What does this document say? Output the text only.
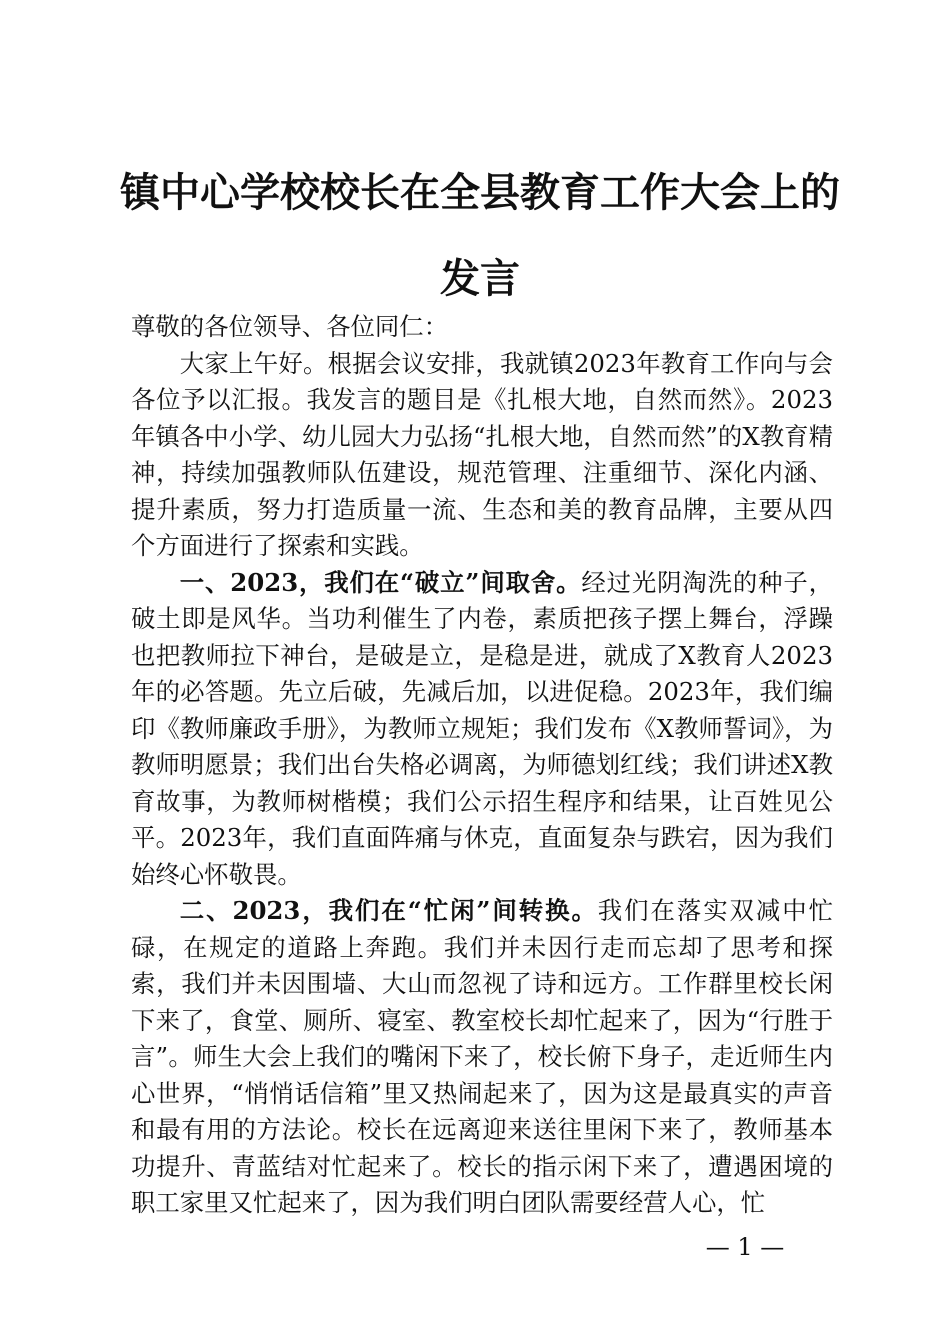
镇中心学校校长在全县教育工作大会上的发言

尊敬的各位领导、各位同仁：

大家上午好。根据会议安排，我就镇2023年教育工作向与会各位予以汇报。我发言的题目是《扎根大地，自然而然》。2023年镇各中小学、幼儿园大力弘扬“扎根大地，自然而然”的X教育精神，持续加强教师队伍建设，规范管理、注重细节、深化内涵、提升素质，努力打造质量一流、生态和美的教育品牌，主要从四个方面进行了探索和实践。

一、2023，我们在“破立”间取舍。经过光阴淘洗的种子，破土即是风华。当功利催生了内卷，素质把孩子摆上舞台，浮躁也把教师拉下神台，是破是立，是稳是进，就成了X教育人2023年的必答题。先立后破，先减后加，以进促稳。2023年，我们编印《教师廉政手册》，为教师立规矩；我们发布《X教师誓词》，为教师明愿景；我们出台失格必调离，为师德划红线；我们讲述X教育故事，为教师树楷模；我们公示招生程序和结果，让百姓见公平。2023年，我们直面阵痛与休克，直面复杂与跌宕，因为我们始终心怀敬畏。

二、2023，我们在“忙闲”间转换。我们在落实双减中忙碌，在规定的道路上奔跑。我们并未因行走而忘却了思考和探索，我们并未因围墙、大山而忽视了诗和远方。工作群里校长闲下来了，食堂、厕所、寝室、教室校长却忙起来了，因为“行胜于言”。师生大会上我们的嘴闲下来了，校长俯下身子，走近师生内心世界，“悄悄话信箱”里又热闹起来了，因为这是最真实的声音和最有用的方法论。校长在远离迎来送往里闲下来了，教师基本功提升、青蓝结对忙起来了。校长的指示闲下来了，遭遇困境的职工家里又忙起来了，因为我们明白团队需要经营人心，忙

— 1 —
